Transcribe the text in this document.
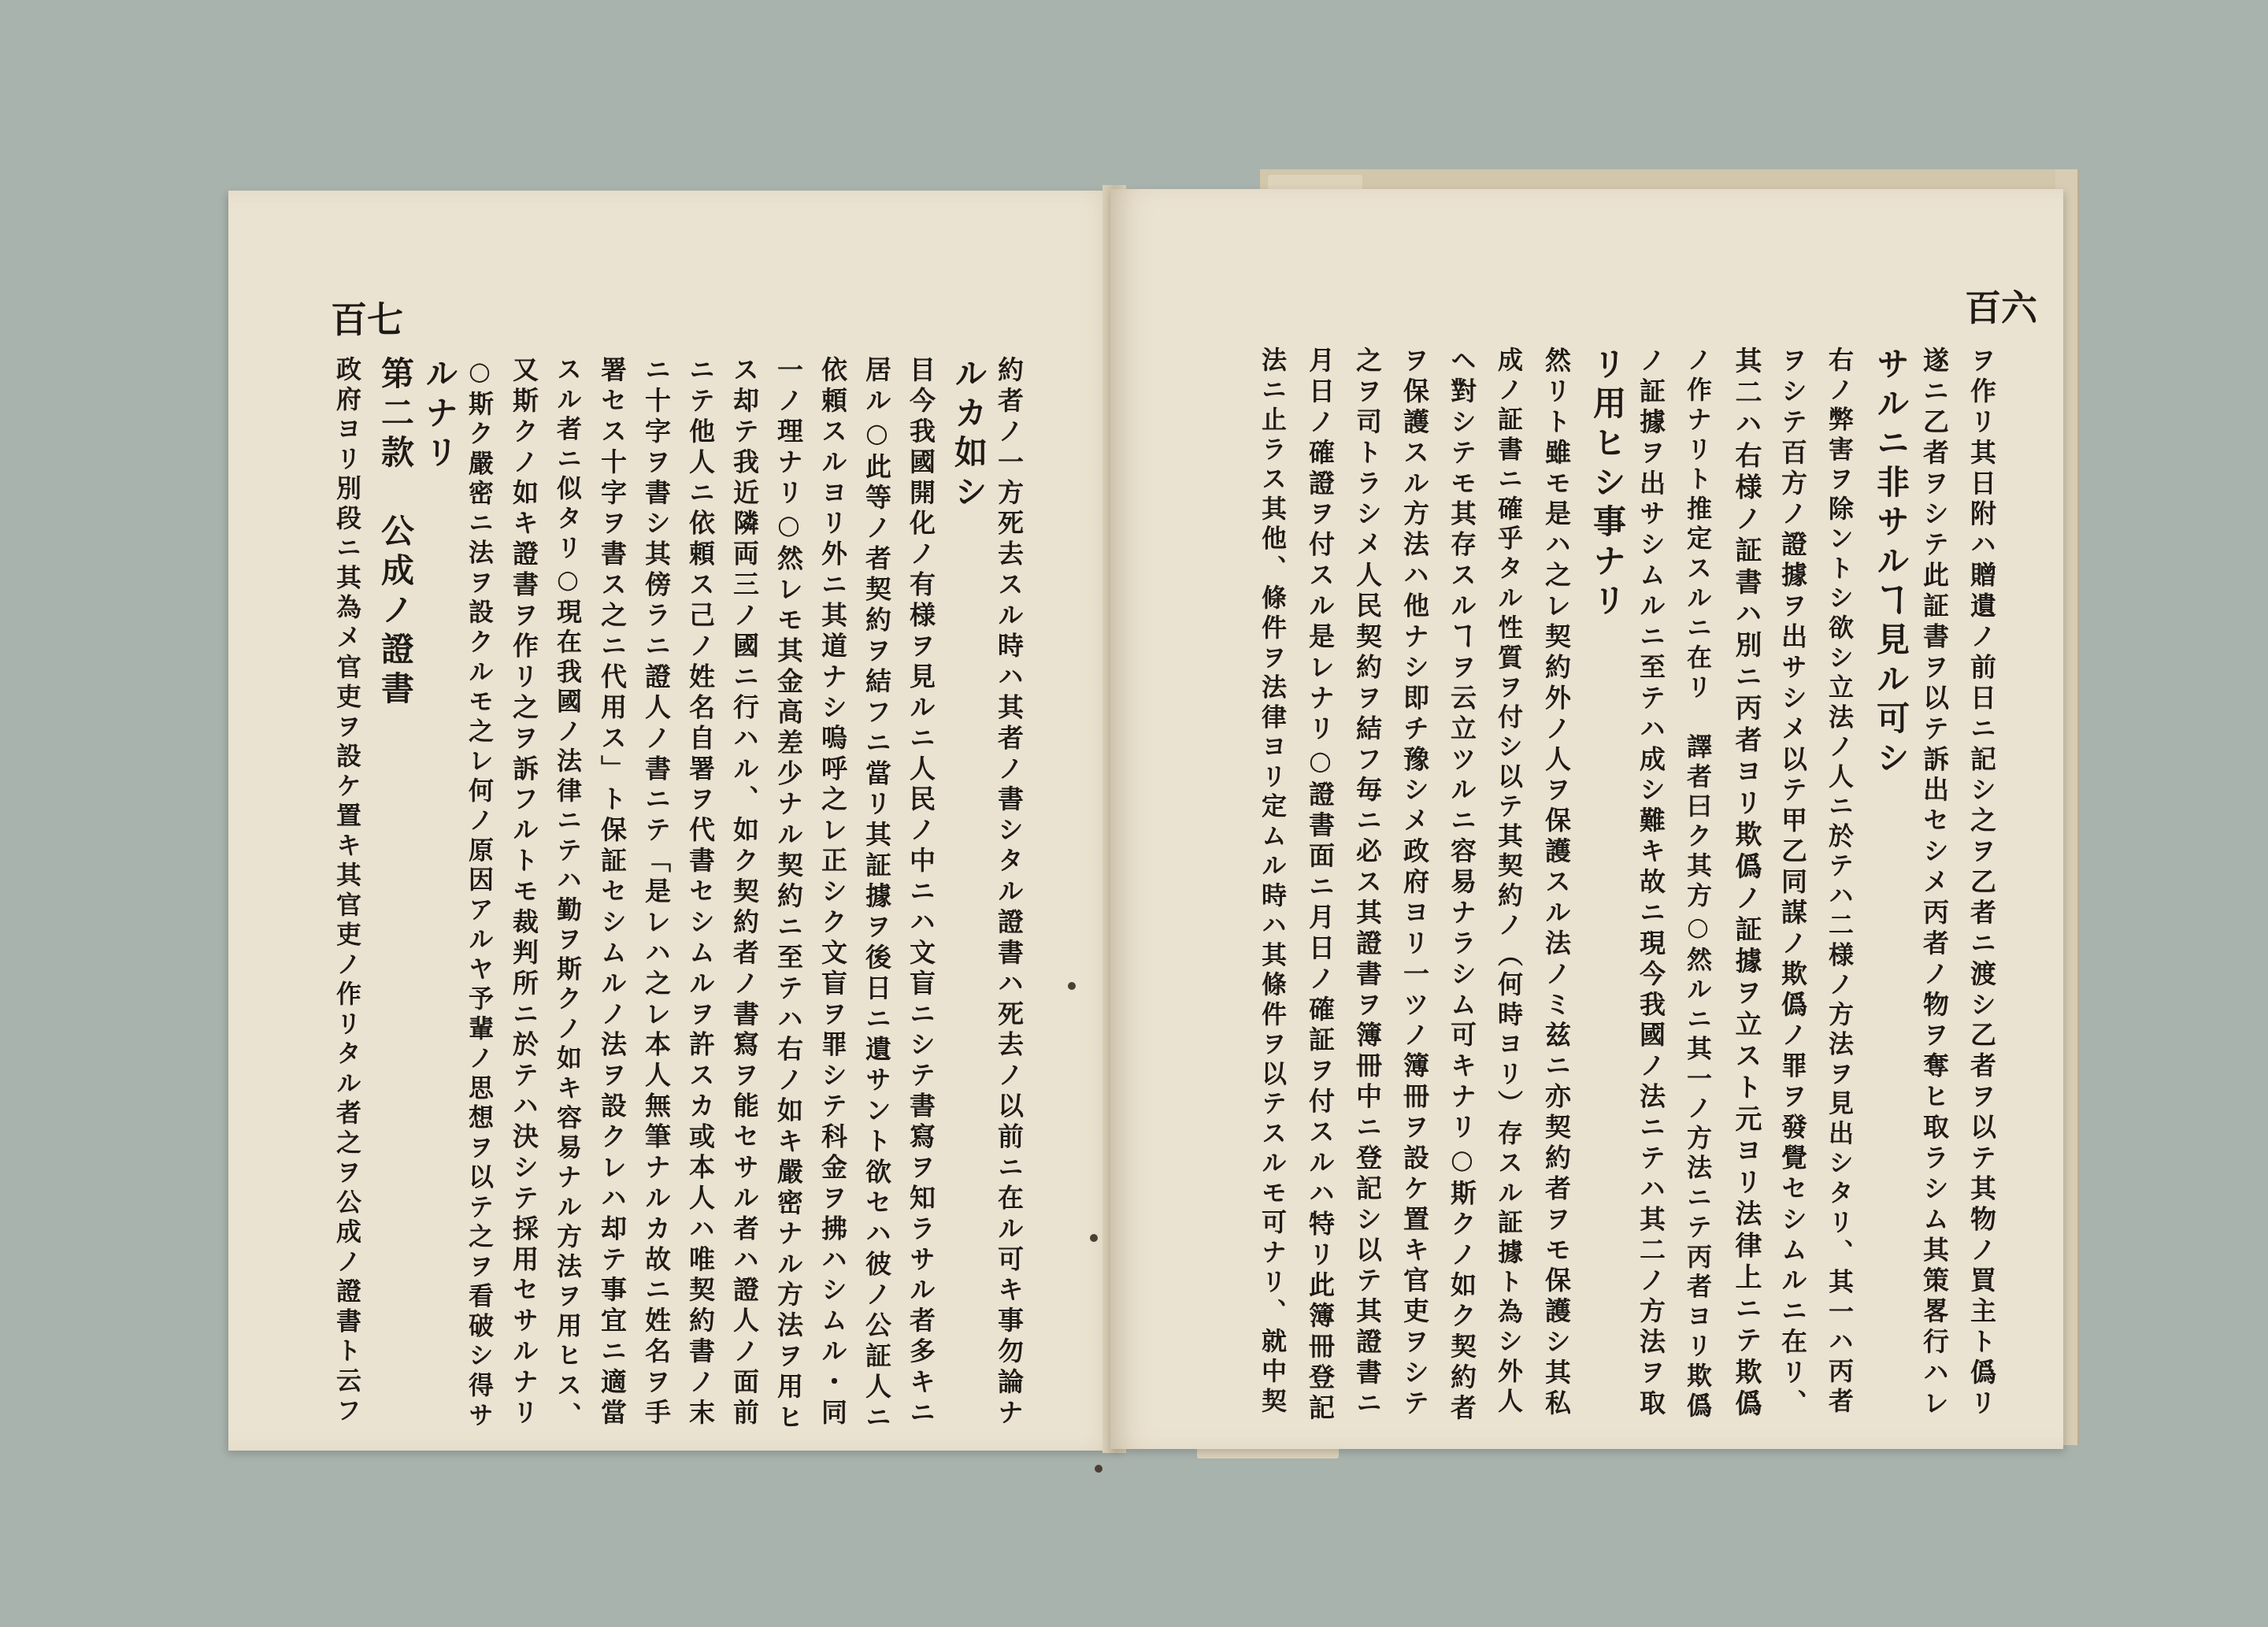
百七
約者ノ一方死去スル時ハ其者ノ書シタル證書ハ死去ノ以前ニ在ル可キ事勿論ナ
ルカ如シ
目今我國開化ノ有様ヲ見ルニ人民ノ中ニハ文盲ニシテ書寫ヲ知ラサル者多キニ
居ル○此等ノ者契約ヲ結フニ當リ其証據ヲ後日ニ遺サント欲セハ彼ノ公証人ニ
依頼スルヨリ外ニ其道ナシ嗚呼之レ正シク文盲ヲ罪シテ科金ヲ拂ハシムル・同
一ノ理ナリ○然レモ其金高差少ナル契約ニ至テハ右ノ如キ嚴密ナル方法ヲ用ヒ
ス却テ我近隣両三ノ國ニ行ハル、如ク契約者ノ書寫ヲ能セサル者ハ證人ノ面前
ニテ他人ニ依頼ス己ノ姓名自署ヲ代書セシムルヲ許スカ或本人ハ唯契約書ノ末
ニ十字ヲ書シ其傍ラニ證人ノ書ニテ「是レハ之レ本人無筆ナルカ故ニ姓名ヲ手
署セス十字ヲ書ス之ニ代用ス」ト保証セシムルノ法ヲ設クレハ却テ事宜ニ適當
スル者ニ似タリ○現在我國ノ法律ニテハ勤ヲ斯クノ如キ容易ナル方法ヲ用ヒス、
又斯クノ如キ證書ヲ作リ之ヲ訴フルトモ裁判所ニ於テハ決シテ採用セサルナリ
○斯ク嚴密ニ法ヲ設クルモ之レ何ノ原因アルヤ予輩ノ思想ヲ以テ之ヲ看破シ得サ
ルナリ
第二款　公成ノ證書
政府ヨリ別段ニ其為メ官吏ヲ設ケ置キ其官吏ノ作リタル者之ヲ公成ノ證書ト云フ
百六
ヲ作リ其日附ハ贈遺ノ前日ニ記シ之ヲ乙者ニ渡シ乙者ヲ以テ其物ノ買主ト僞リ
遂ニ乙者ヲシテ此証書ヲ以テ訴出セシメ丙者ノ物ヲ奪ヒ取ラシム其策畧行ハレ
サルニ非サルヿ見ル可シ
右ノ弊害ヲ除ントシ欲シ立法ノ人ニ於テハ二様ノ方法ヲ見出シタリ、其一ハ丙者
ヲシテ百方ノ證據ヲ出サシメ以テ甲乙同謀ノ欺僞ノ罪ヲ發覺セシムルニ在リ、
其二ハ右様ノ証書ハ別ニ丙者ヨリ欺僞ノ証據ヲ立スト元ヨリ法律上ニテ欺僞
ノ作ナリト推定スルニ在リ　譯者曰ク其方○然ルニ其一ノ方法ニテ丙者ヨリ欺僞
ノ証據ヲ出サシムルニ至テハ成シ難キ故ニ現今我國ノ法ニテハ其二ノ方法ヲ取
リ用ヒシ事ナリ
然リト雖モ是ハ之レ契約外ノ人ヲ保護スル法ノミ兹ニ亦契約者ヲモ保護シ其私
成ノ証書ニ確乎タル性質ヲ付シ以テ其契約ノ（何時ヨリ）存スル証據ト為シ外人
ヘ對シテモ其存スルヿヲ云立ツルニ容易ナラシム可キナリ○斯クノ如ク契約者
ヲ保護スル方法ハ他ナシ即チ豫シメ政府ヨリ一ツノ簿冊ヲ設ケ置キ官吏ヲシテ
之ヲ司トラシメ人民契約ヲ結フ毎ニ必ス其證書ヲ簿冊中ニ登記シ以テ其證書ニ
月日ノ確證ヲ付スル是レナリ○證書面ニ月日ノ確証ヲ付スルハ特リ此簿冊登記
法ニ止ラス其他、條件ヲ法律ヨリ定ムル時ハ其條件ヲ以テスルモ可ナリ、就中契
